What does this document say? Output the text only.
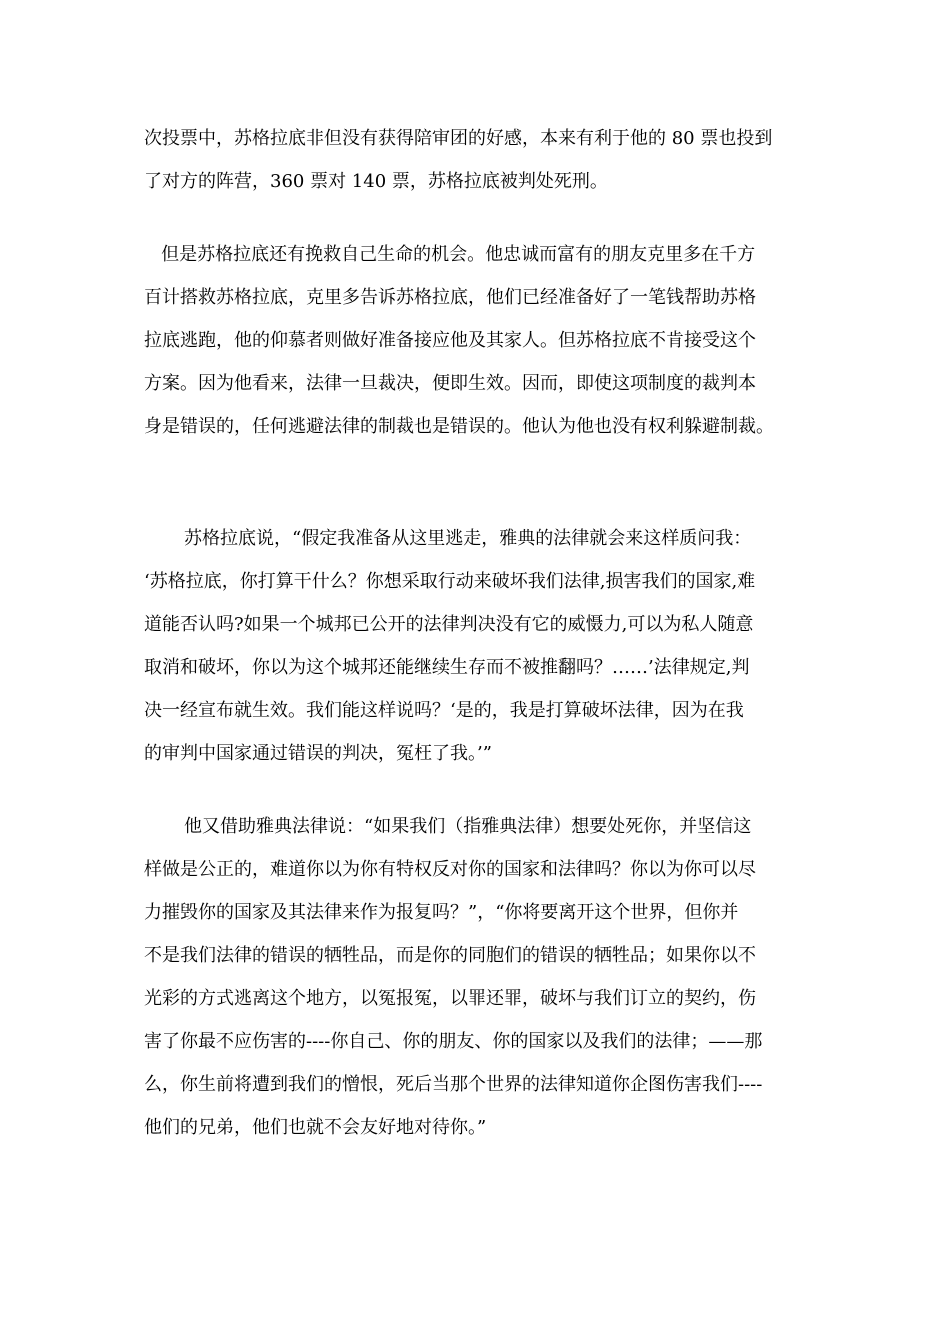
次投票中，苏格拉底非但没有获得陪审团的好感，本来有利于他的 80 票也投到
了对方的阵营，360 票对 140 票，苏格拉底被判处死刑。
但是苏格拉底还有挽救自己生命的机会。他忠诚而富有的朋友克里多在千方
百计搭救苏格拉底，克里多告诉苏格拉底，他们已经准备好了一笔钱帮助苏格
拉底逃跑，他的仰慕者则做好准备接应他及其家人。但苏格拉底不肯接受这个
方案。因为他看来，法律一旦裁决，便即生效。因而，即使这项制度的裁判本
身是错误的，任何逃避法律的制裁也是错误的。他认为他也没有权利躲避制裁。
苏格拉底说，“假定我准备从这里逃走，雅典的法律就会来这样质问我：
‘苏格拉底，你打算干什么？你想采取行动来破坏我们法律,损害我们的国家,难
道能否认吗?如果一个城邦已公开的法律判决没有它的威慑力,可以为私人随意
取消和破坏，你以为这个城邦还能继续生存而不被推翻吗？……’法律规定,判
决一经宣布就生效。我们能这样说吗？‘是的，我是打算破坏法律，因为在我
的审判中国家通过错误的判决，冤枉了我。’”
他又借助雅典法律说：“如果我们（指雅典法律）想要处死你，并坚信这
样做是公正的，难道你以为你有特权反对你的国家和法律吗？你以为你可以尽
力摧毁你的国家及其法律来作为报复吗？”，“你将要离开这个世界，但你并
不是我们法律的错误的牺牲品，而是你的同胞们的错误的牺牲品；如果你以不
光彩的方式逃离这个地方，以冤报冤，以罪还罪，破坏与我们订立的契约，伤
害了你最不应伤害的----你自己、你的朋友、你的国家以及我们的法律；——那
么，你生前将遭到我们的憎恨，死后当那个世界的法律知道你企图伤害我们----
他们的兄弟，他们也就不会友好地对待你。”
